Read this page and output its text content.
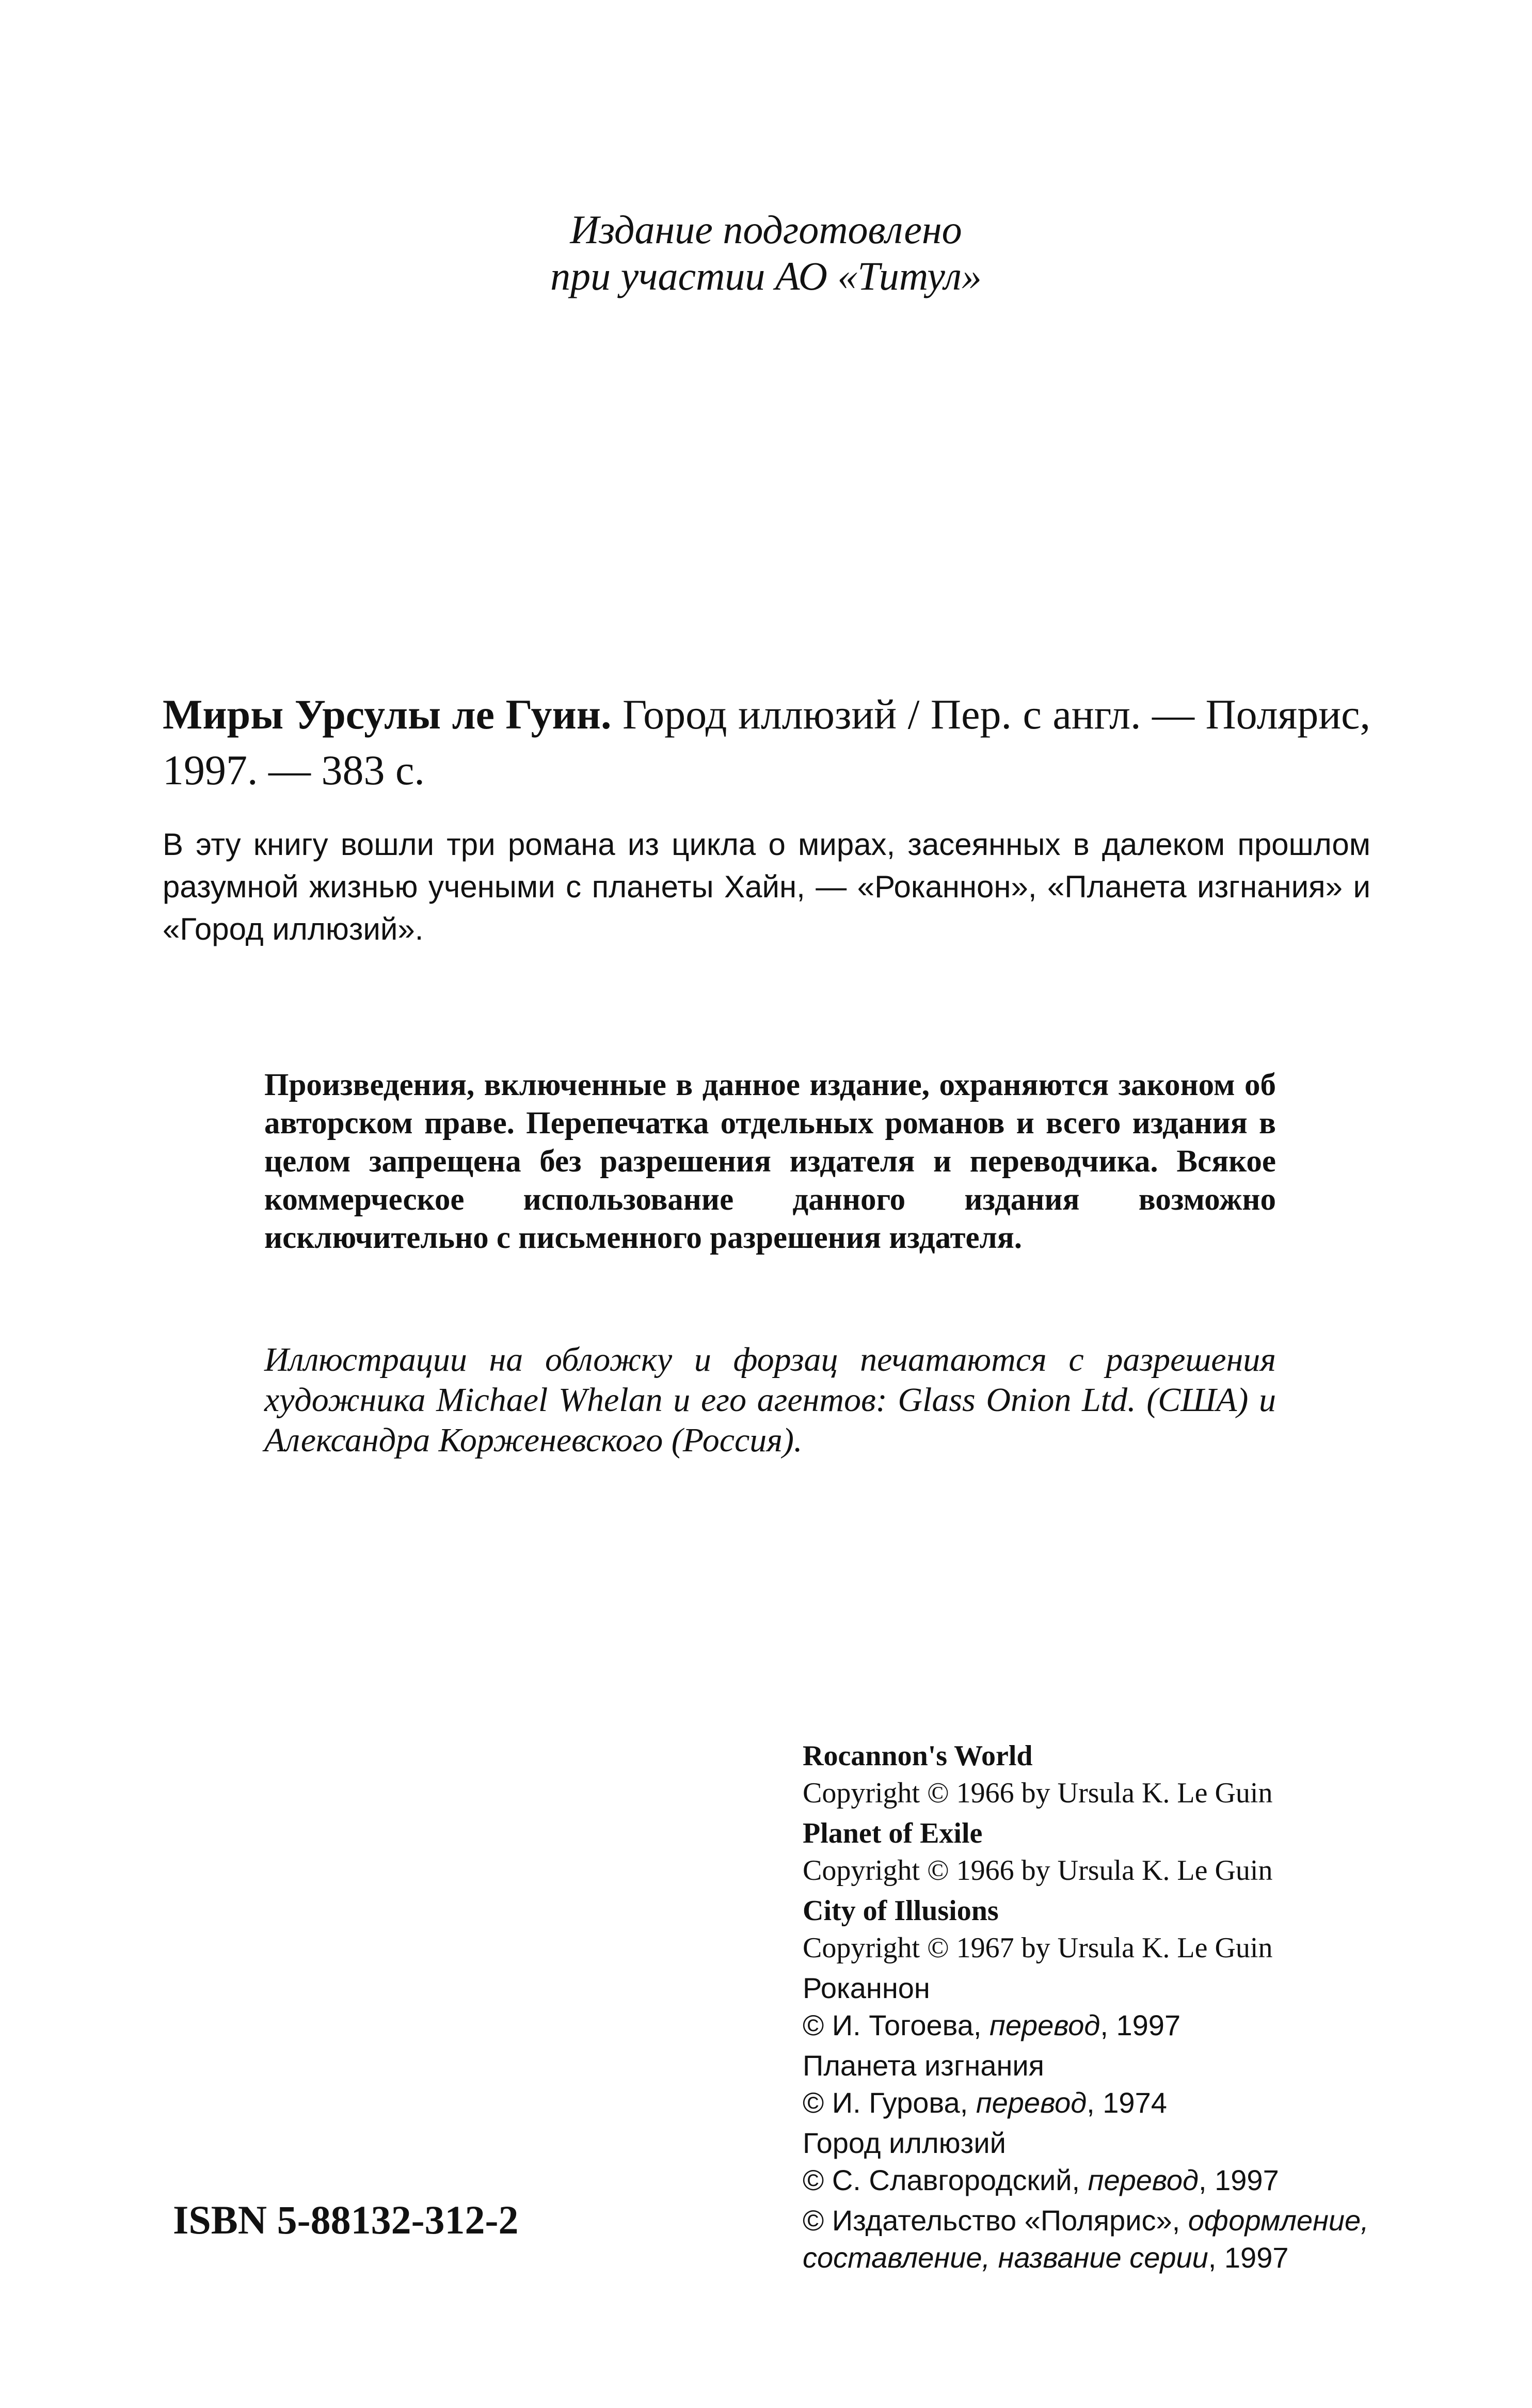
Издание подготовлено
при участии АО «Титул»
Миры Урсулы ле Гуин. Город иллюзий / Пер. с англ. — Полярис, 1997. — 383 с.
В эту книгу вошли три романа из цикла о мирах, засеянных в далеком прошлом разумной жизнью учеными с планеты Хайн, — «Роканнон», «Планета изгнания» и «Город иллюзий».
Произведения, включенные в данное издание, охраняются законом об авторском праве. Перепечатка отдельных романов и всего издания в целом запрещена без разрешения издателя и переводчика. Всякое коммерческое использование данного издания возможно исключительно с письменного разрешения издателя.
Иллюстрации на обложку и форзац печатаются с разрешения художника Michael Whelan и его агентов: Glass Onion Ltd. (США) и Александра Корженевского (Россия).
Rocannon's World
Copyright © 1966 by Ursula K. Le Guin
Planet of Exile
Copyright © 1966 by Ursula K. Le Guin
City of Illusions
Copyright © 1967 by Ursula K. Le Guin
Роканнон
© И. Тогоева, перевод, 1997
Планета изгнания
© И. Гурова, перевод, 1974
Город иллюзий
© С. Славгородский, перевод, 1997
© Издательство «Полярис», оформление, составление, название серии, 1997
ISBN 5-88132-312-2
